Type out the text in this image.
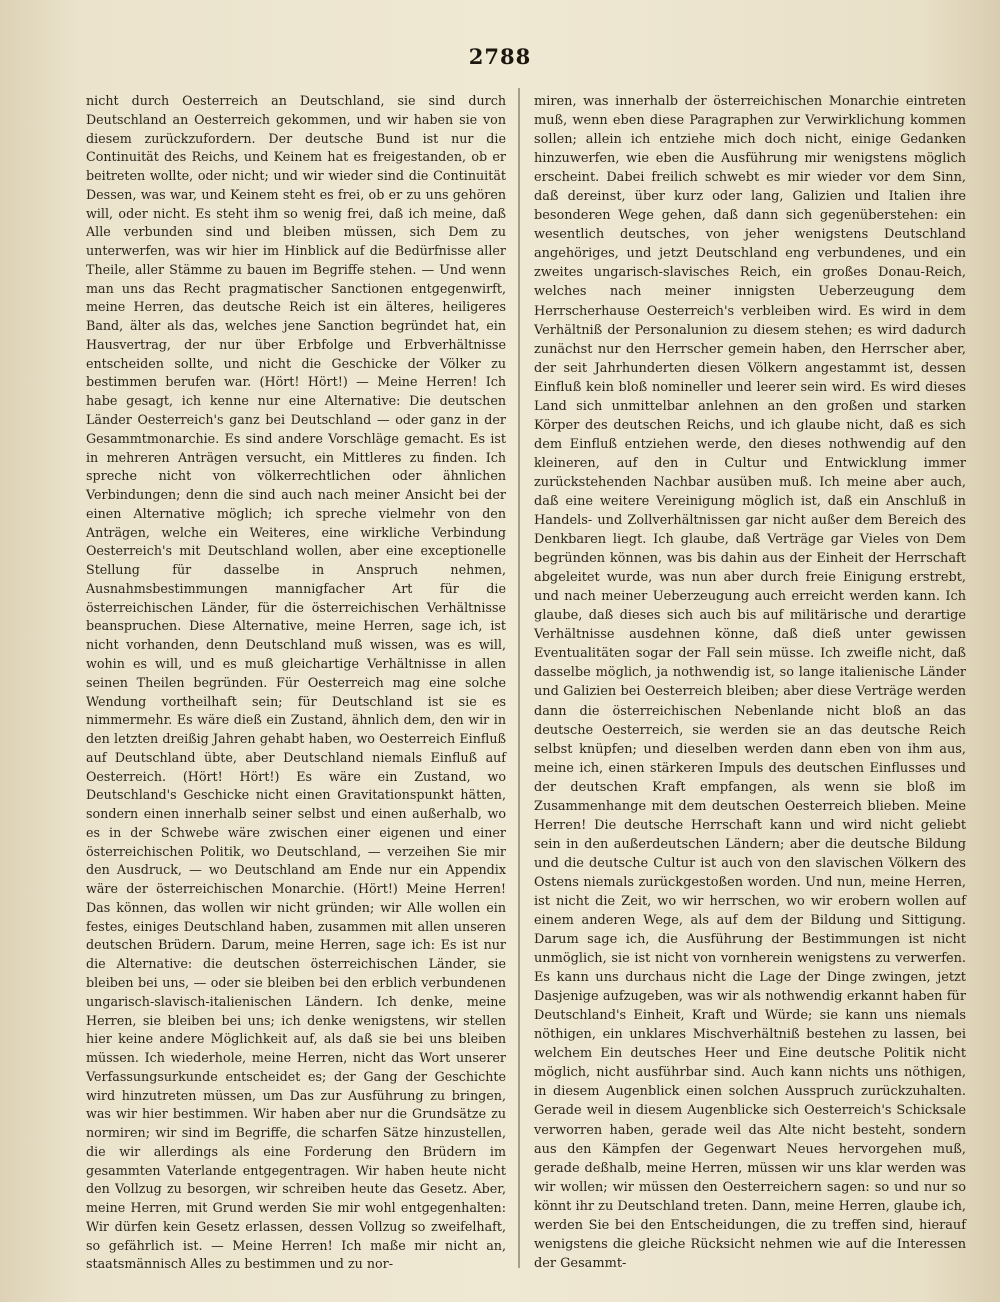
2788

nicht durch Oesterreich an Deutschland, sie sind durch Deutschland an Oesterreich gekommen, und wir haben sie von diesem zurückzufordern. Der deutsche Bund ist nur die Continuität des Reichs, und Keinem hat es freigestanden, ob er beitreten wollte, oder nicht; und wir wieder sind die Continuität Dessen, was war, und Keinem steht es frei, ob er zu uns gehören will, oder nicht. Es steht ihm so wenig frei, daß ich meine, daß Alle verbunden sind und bleiben müssen, sich Dem zu unterwerfen, was wir hier im Hinblick auf die Bedürfnisse aller Theile, aller Stämme zu bauen im Begriffe stehen. — Und wenn man uns das Recht pragmatischer Sanctionen entgegenwirft, meine Herren, das deutsche Reich ist ein älteres, heiligeres Band, älter als das, welches jene Sanction begründet hat, ein Hausvertrag, der nur über Erbfolge und Erbverhältnisse entscheiden sollte, und nicht die Geschicke der Völker zu bestimmen berufen war. (Hört! Hört!) — Meine Herren! Ich habe gesagt, ich kenne nur eine Alternative: Die deutschen Länder Oesterreich's ganz bei Deutschland — oder ganz in der Gesammtmonarchie. Es sind andere Vorschläge gemacht. Es ist in mehreren Anträgen versucht, ein Mittleres zu finden. Ich spreche nicht von völkerrechtlichen oder ähnlichen Verbindungen; denn die sind auch nach meiner Ansicht bei der einen Alternative möglich; ich spreche vielmehr von den Anträgen, welche ein Weiteres, eine wirkliche Verbindung Oesterreich's mit Deutschland wollen, aber eine exceptionelle Stellung für dasselbe in Anspruch nehmen, Ausnahmsbestimmungen mannigfacher Art für die österreichischen Länder, für die österreichischen Verhältnisse beanspruchen. Diese Alternative, meine Herren, sage ich, ist nicht vorhanden, denn Deutschland muß wissen, was es will, wohin es will, und es muß gleichartige Verhältnisse in allen seinen Theilen begründen. Für Oesterreich mag eine solche Wendung vortheilhaft sein; für Deutschland ist sie es nimmermehr. Es wäre dieß ein Zustand, ähnlich dem, den wir in den letzten dreißig Jahren gehabt haben, wo Oesterreich Einfluß auf Deutschland übte, aber Deutschland niemals Einfluß auf Oesterreich. (Hört! Hört!) Es wäre ein Zustand, wo Deutschland's Geschicke nicht einen Gravitationspunkt hätten, sondern einen innerhalb seiner selbst und einen außerhalb, wo es in der Schwebe wäre zwischen einer eigenen und einer österreichischen Politik, wo Deutschland, — verzeihen Sie mir den Ausdruck, — wo Deutschland am Ende nur ein Appendix wäre der österreichischen Monarchie. (Hört!) Meine Herren! Das können, das wollen wir nicht gründen; wir Alle wollen ein festes, einiges Deutschland haben, zusammen mit allen unseren deutschen Brüdern. Darum, meine Herren, sage ich: Es ist nur die Alternative: die deutschen österreichischen Länder, sie bleiben bei uns, — oder sie bleiben bei den erblich verbundenen ungarisch-slavisch-italienischen Ländern. Ich denke, meine Herren, sie bleiben bei uns; ich denke wenigstens, wir stellen hier keine andere Möglichkeit auf, als daß sie bei uns bleiben müssen. Ich wiederhole, meine Herren, nicht das Wort unserer Verfassungsurkunde entscheidet es; der Gang der Geschichte wird hinzutreten müssen, um Das zur Ausführung zu bringen, was wir hier bestimmen. Wir haben aber nur die Grundsätze zu normiren; wir sind im Begriffe, die scharfen Sätze hinzustellen, die wir allerdings als eine Forderung den Brüdern im gesammten Vaterlande entgegentragen. Wir haben heute nicht den Vollzug zu besorgen, wir schreiben heute das Gesetz. Aber, meine Herren, mit Grund werden Sie mir wohl entgegenhalten: Wir dürfen kein Gesetz erlassen, dessen Vollzug so zweifelhaft, so gefährlich ist. — Meine Herren! Ich maße mir nicht an, staatsmännisch Alles zu bestimmen und zu nor-

miren, was innerhalb der österreichischen Monarchie eintreten muß, wenn eben diese Paragraphen zur Verwirklichung kommen sollen; allein ich entziehe mich doch nicht, einige Gedanken hinzuwerfen, wie eben die Ausführung mir wenigstens möglich erscheint. Dabei freilich schwebt es mir wieder vor dem Sinn, daß dereinst, über kurz oder lang, Galizien und Italien ihre besonderen Wege gehen, daß dann sich gegenüberstehen: ein wesentlich deutsches, von jeher wenigstens Deutschland angehöriges, und jetzt Deutschland eng verbundenes, und ein zweites ungarisch-slavisches Reich, ein großes Donau-Reich, welches nach meiner innigsten Ueberzeugung dem Herrscherhause Oesterreich's verbleiben wird. Es wird in dem Verhältniß der Personalunion zu diesem stehen; es wird dadurch zunächst nur den Herrscher gemein haben, den Herrscher aber, der seit Jahrhunderten diesen Völkern angestammt ist, dessen Einfluß kein bloß nomineller und leerer sein wird. Es wird dieses Land sich unmittelbar anlehnen an den großen und starken Körper des deutschen Reichs, und ich glaube nicht, daß es sich dem Einfluß entziehen werde, den dieses nothwendig auf den kleineren, auf den in Cultur und Entwicklung immer zurückstehenden Nachbar ausüben muß. Ich meine aber auch, daß eine weitere Vereinigung möglich ist, daß ein Anschluß in Handels- und Zollverhältnissen gar nicht außer dem Bereich des Denkbaren liegt. Ich glaube, daß Verträge gar Vieles von Dem begründen können, was bis dahin aus der Einheit der Herrschaft abgeleitet wurde, was nun aber durch freie Einigung erstrebt, und nach meiner Ueberzeugung auch erreicht werden kann. Ich glaube, daß dieses sich auch bis auf militärische und derartige Verhältnisse ausdehnen könne, daß dieß unter gewissen Eventualitäten sogar der Fall sein müsse. Ich zweifle nicht, daß dasselbe möglich, ja nothwendig ist, so lange italienische Länder und Galizien bei Oesterreich bleiben; aber diese Verträge werden dann die österreichischen Nebenlande nicht bloß an das deutsche Oesterreich, sie werden sie an das deutsche Reich selbst knüpfen; und dieselben werden dann eben von ihm aus, meine ich, einen stärkeren Impuls des deutschen Einflusses und der deutschen Kraft empfangen, als wenn sie bloß im Zusammenhange mit dem deutschen Oesterreich blieben. Meine Herren! Die deutsche Herrschaft kann und wird nicht geliebt sein in den außerdeutschen Ländern; aber die deutsche Bildung und die deutsche Cultur ist auch von den slavischen Völkern des Ostens niemals zurückgestoßen worden. Und nun, meine Herren, ist nicht die Zeit, wo wir herrschen, wo wir erobern wollen auf einem anderen Wege, als auf dem der Bildung und Sittigung. Darum sage ich, die Ausführung der Bestimmungen ist nicht unmöglich, sie ist nicht von vornherein wenigstens zu verwerfen. Es kann uns durchaus nicht die Lage der Dinge zwingen, jetzt Dasjenige aufzugeben, was wir als nothwendig erkannt haben für Deutschland's Einheit, Kraft und Würde; sie kann uns niemals nöthigen, ein unklares Mischverhältniß bestehen zu lassen, bei welchem Ein deutsches Heer und Eine deutsche Politik nicht möglich, nicht ausführbar sind. Auch kann nichts uns nöthigen, in diesem Augenblick einen solchen Ausspruch zurückzuhalten. Gerade weil in diesem Augenblicke sich Oesterreich's Schicksale verworren haben, gerade weil das Alte nicht besteht, sondern aus den Kämpfen der Gegenwart Neues hervorgehen muß, gerade deßhalb, meine Herren, müssen wir uns klar werden was wir wollen; wir müssen den Oesterreichern sagen: so und nur so könnt ihr zu Deutschland treten. Dann, meine Herren, glaube ich, werden Sie bei den Entscheidungen, die zu treffen sind, hierauf wenigstens die gleiche Rücksicht nehmen wie auf die Interessen der Gesammt-
